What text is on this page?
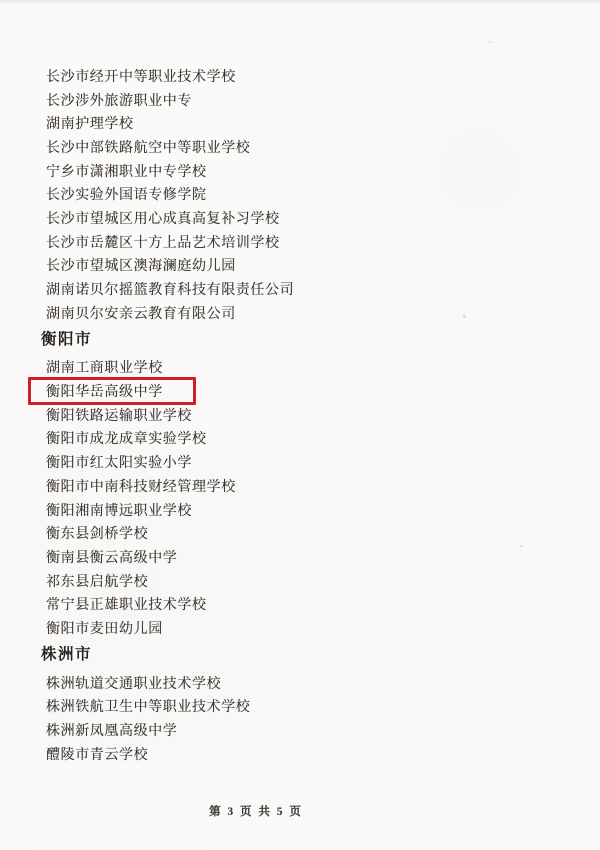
长沙市经开中等职业技术学校
长沙涉外旅游职业中专
湖南护理学校
长沙中部铁路航空中等职业学校
宁乡市潇湘职业中专学校
长沙实验外国语专修学院
长沙市望城区用心成真高复补习学校
长沙市岳麓区十方上品艺术培训学校
长沙市望城区澳海澜庭幼儿园
湖南诺贝尔摇篮教育科技有限责任公司
湖南贝尔安亲云教育有限公司
衡阳市
湖南工商职业学校
衡阳华岳高级中学
衡阳铁路运输职业学校
衡阳市成龙成章实验学校
衡阳市红太阳实验小学
衡阳市中南科技财经管理学校
衡阳湘南博远职业学校
衡东县剑桥学校
衡南县衡云高级中学
祁东县启航学校
常宁县正雄职业技术学校
衡阳市麦田幼儿园
株洲市
株洲轨道交通职业技术学校
株洲铁航卫生中等职业技术学校
株洲新凤凰高级中学
醴陵市青云学校
第 3 页 共 5 页
